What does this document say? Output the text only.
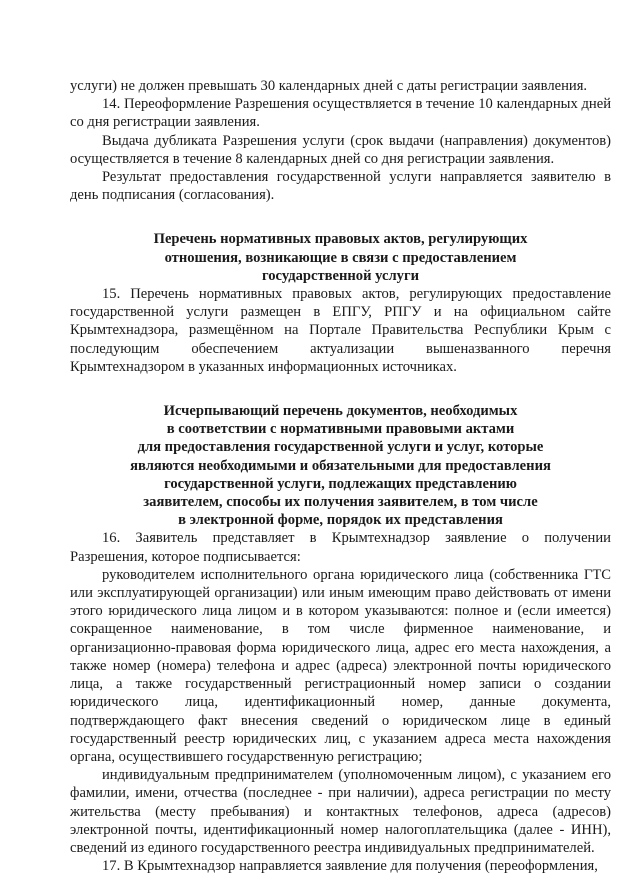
услуги) не должен превышать 30 календарных дней с даты регистрации заявления.

14. Переоформление Разрешения осуществляется в течение 10 календарных дней со дня регистрации заявления.

Выдача дубликата Разрешения услуги (срок выдачи (направления) документов) осуществляется в течение 8 календарных дней со дня регистрации заявления.

Результат предоставления государственной услуги направляется заявителю в день подписания (согласования).

Перечень нормативных правовых актов, регулирующих
отношения, возникающие в связи с предоставлением
государственной услуги

15. Перечень нормативных правовых актов, регулирующих предоставление государственной услуги размещен в ЕПГУ, РПГУ и на официальном сайте Крымтехнадзора, размещённом на Портале Правительства Республики Крым с последующим обеспечением актуализации вышеназванного перечня Крымтехнадзором в указанных информационных источниках.

Исчерпывающий перечень документов, необходимых
в соответствии с нормативными правовыми актами
для предоставления государственной услуги и услуг, которые
являются необходимыми и обязательными для предоставления
государственной услуги, подлежащих представлению
заявителем, способы их получения заявителем, в том числе
в электронной форме, порядок их представления

16. Заявитель представляет в Крымтехнадзор заявление о получении Разрешения, которое подписывается:

руководителем исполнительного органа юридического лица (собственника ГТС или эксплуатирующей организации) или иным имеющим право действовать от имени этого юридического лица лицом и в котором указываются: полное и (если имеется) сокращенное наименование, в том числе фирменное наименование, и организационно-правовая форма юридического лица, адрес его места нахождения, а также номер (номера) телефона и адрес (адреса) электронной почты юридического лица, а также государственный регистрационный номер записи о создании юридического лица, идентификационный номер, данные документа, подтверждающего факт внесения сведений о юридическом лице в единый государственный реестр юридических лиц, с указанием адреса места нахождения органа, осуществившего государственную регистрацию;

индивидуальным предпринимателем (уполномоченным лицом), с указанием его фамилии, имени, отчества (последнее - при наличии), адреса регистрации по месту жительства (месту пребывания) и контактных телефонов, адреса (адресов) электронной почты, идентификационный номер налогоплательщика (далее - ИНН), сведений из единого государственного реестра индивидуальных предпринимателей.

17. В Крымтехнадзор направляется заявление для получения (переоформления,
